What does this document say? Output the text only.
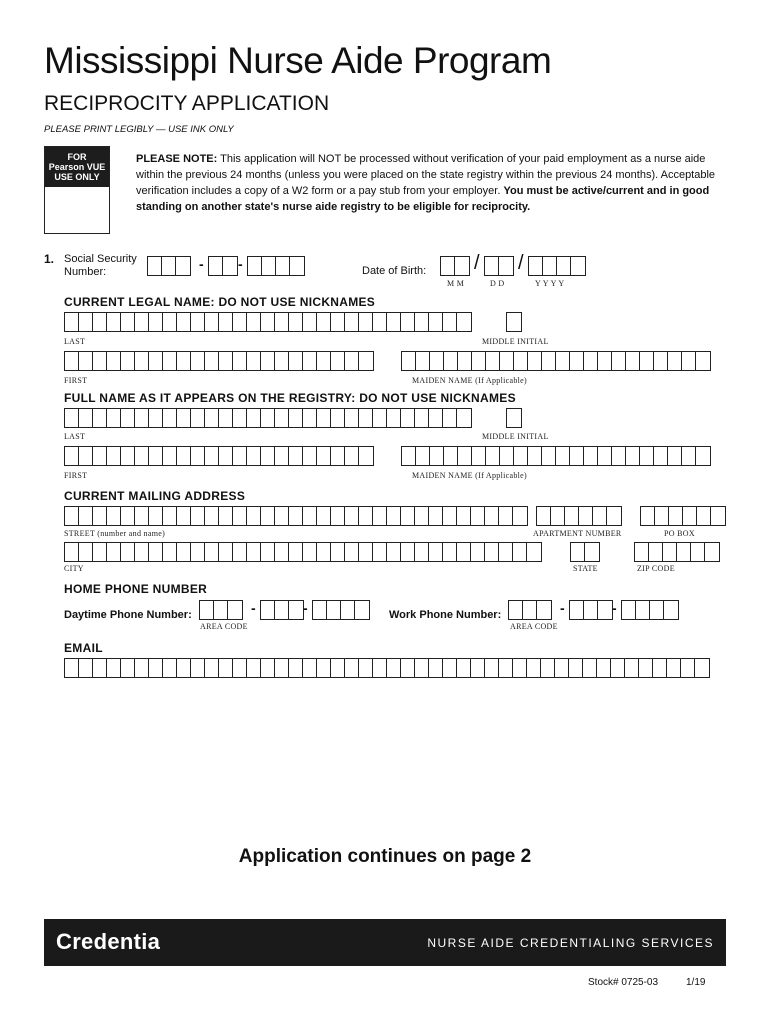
Mississippi Nurse Aide Program
RECIPROCITY APPLICATION
PLEASE PRINT LEGIBLY — USE INK ONLY
FOR
Pearson VUE
USE ONLY
PLEASE NOTE: This application will NOT be processed without verification of your paid employment as a nurse aide within the previous 24 months (unless you were placed on the state registry within the previous 24 months). Acceptable verification includes a copy of a W2 form or a pay stub from your employer. You must be active/current and in good standing on another state's nurse aide registry to be eligible for reciprocity.
1. Social Security Number:	- -	Date of Birth: / /
M M	D D	Y Y Y Y
CURRENT LEGAL NAME: DO NOT USE NICKNAMES
LAST	MIDDLE INITIAL
FIRST	MAIDEN NAME (If Applicable)
FULL NAME AS IT APPEARS ON THE REGISTRY: DO NOT USE NICKNAMES
LAST	MIDDLE INITIAL
FIRST	MAIDEN NAME (If Applicable)
CURRENT MAILING ADDRESS
STREET (number and name)	APARTMENT NUMBER	PO BOX
CITY	STATE	ZIP CODE
HOME PHONE NUMBER
Daytime Phone Number:	-	-
AREA CODE
Work Phone Number:	-	-
AREA CODE
EMAIL
Application continues on page 2
Credentia	NURSE AIDE CREDENTIALING SERVICES
Stock# 0725-03	1/19
